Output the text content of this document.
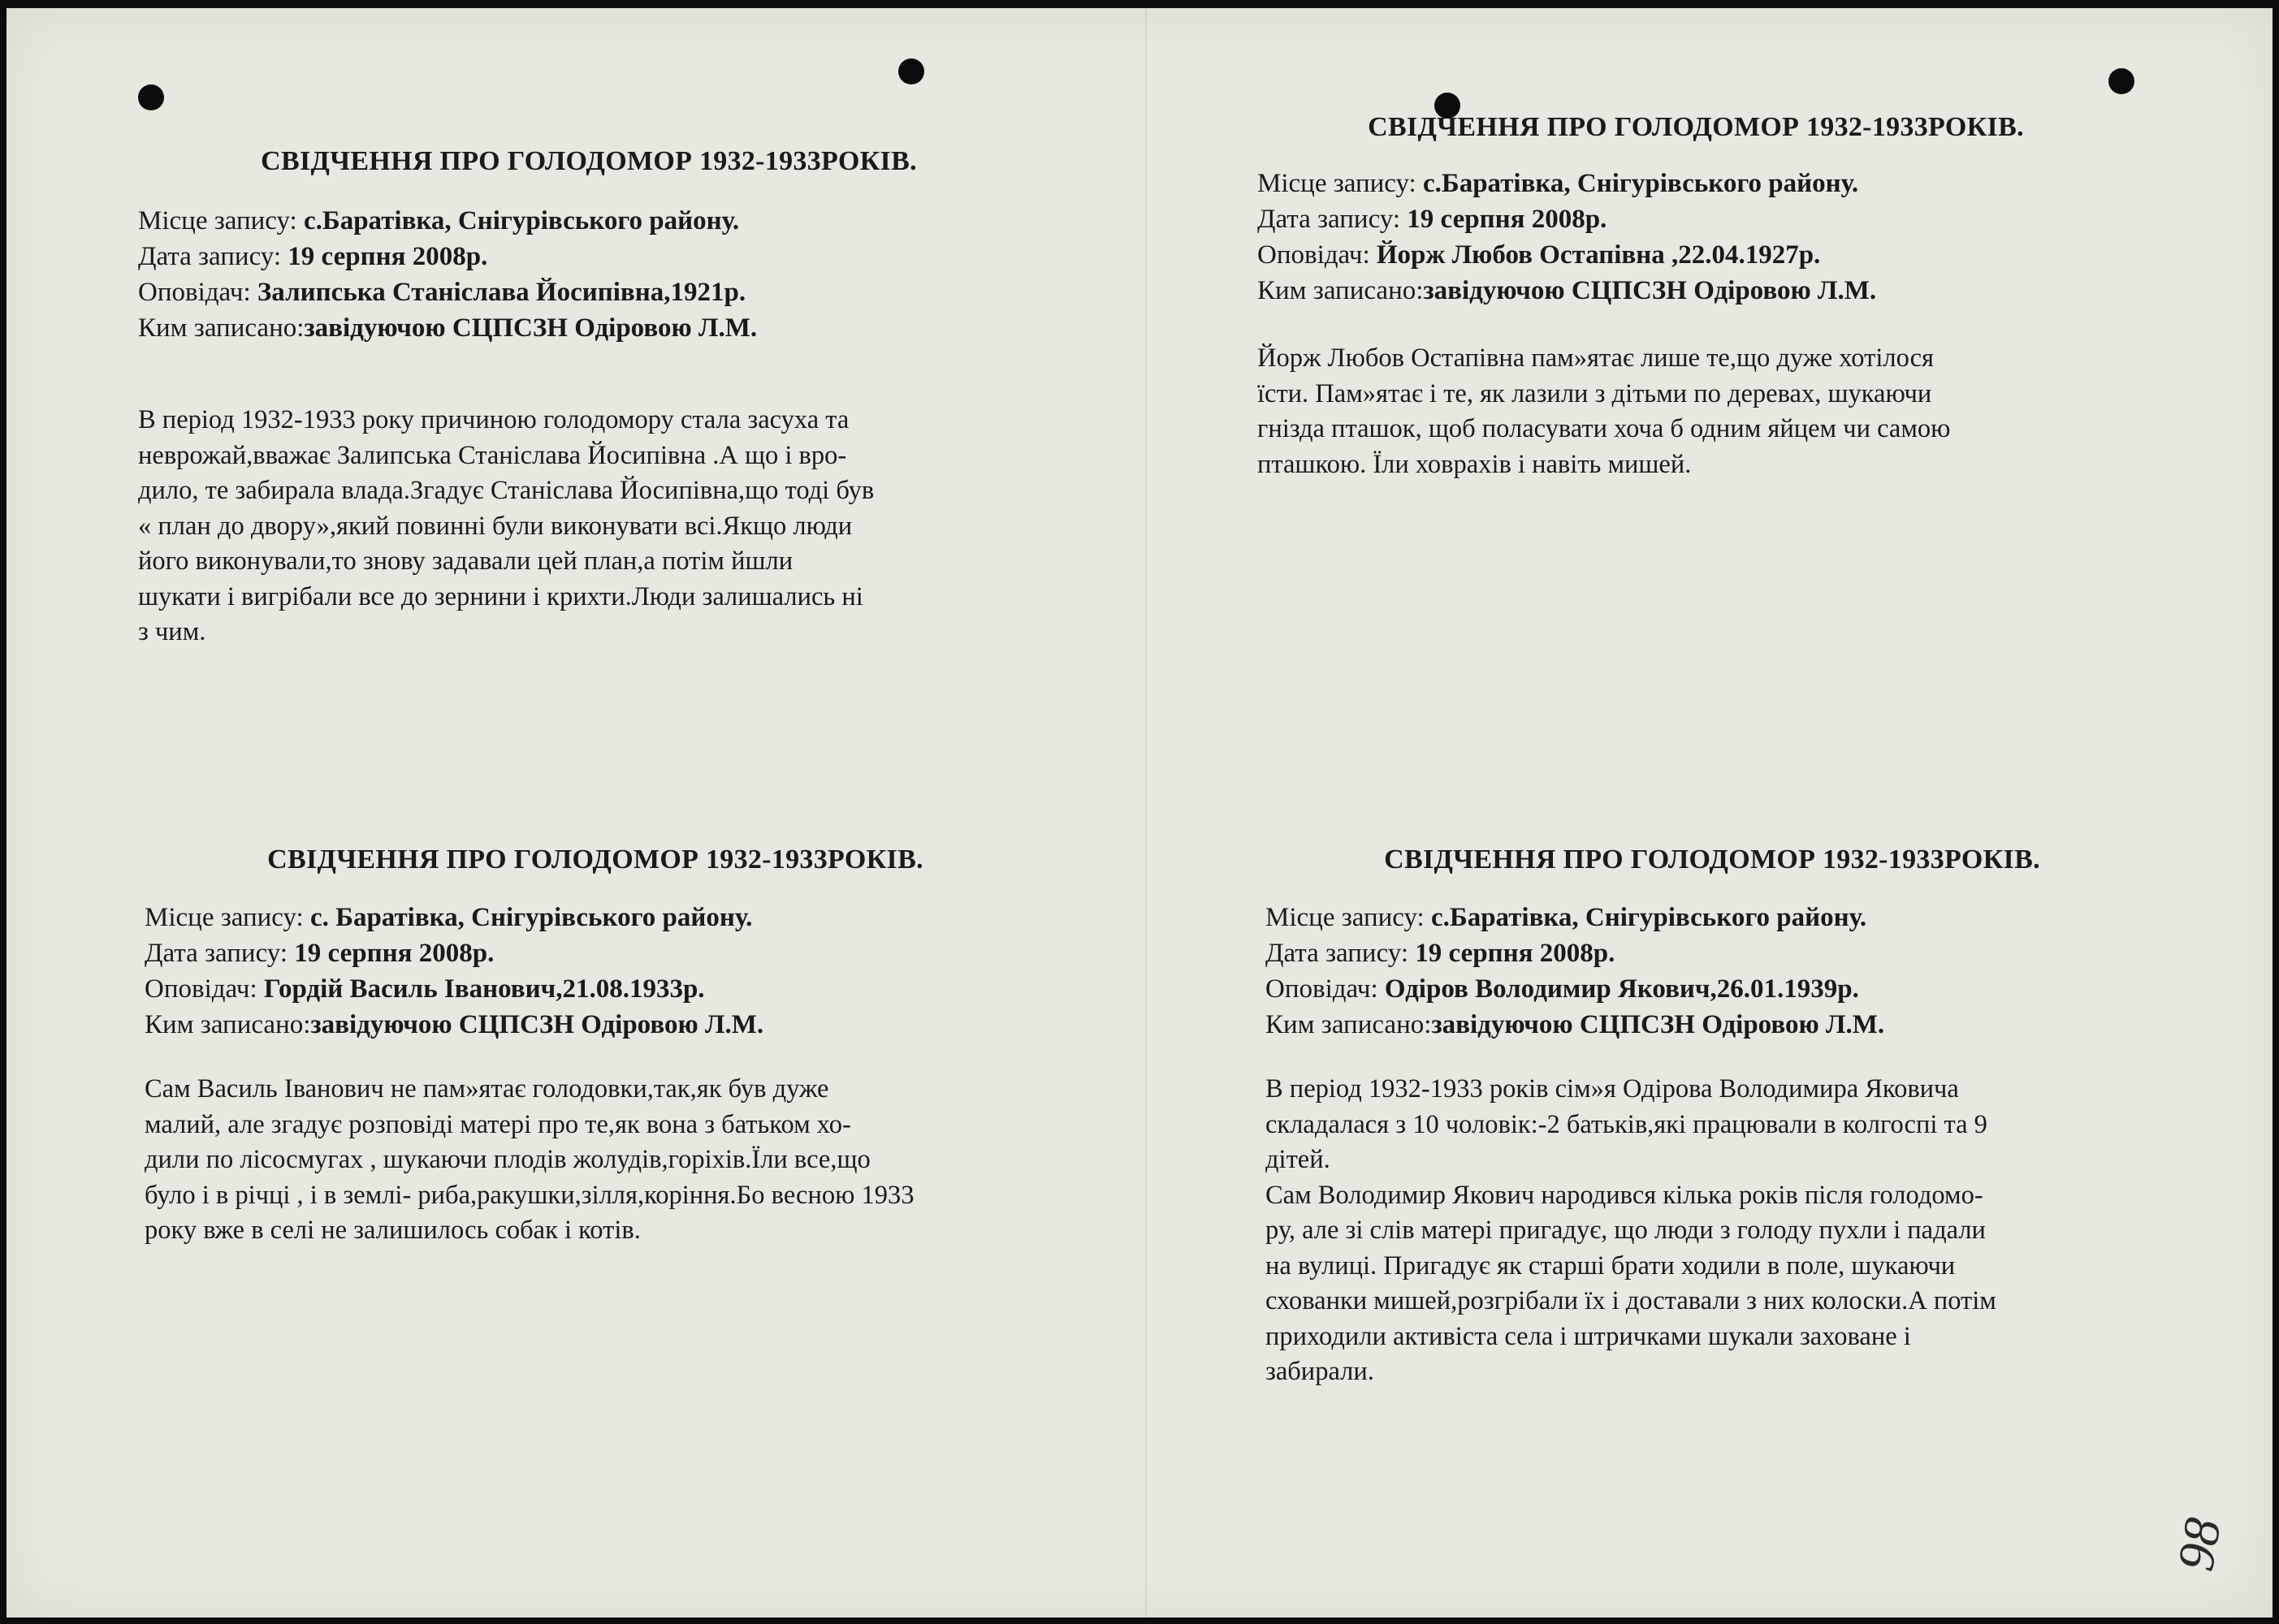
СВІДЧЕННЯ ПРО ГОЛОДОМОР 1932-1933РОКІВ.
Місце запису: с.Баратівка, Снігурівського району.
Дата запису: 19 серпня 2008р.
Оповідач: Залипська Станіслава Йосипівна,1921р.
Ким записано:завідуючою СЦПСЗН Одіровою Л.М.
В період 1932-1933 року причиною голодомору стала засуха та
неврожай,вважає Залипська Станіслава Йосипівна .А що і вро-
дило, те забирала влада.Згадує Станіслава Йосипівна,що тоді був
« план до двору»,який повинні були виконувати всі.Якщо люди
його виконували,то знову задавали цей план,а потім йшли
шукати і вигрібали все до зернини і крихти.Люди залишались ні
з чим.
СВІДЧЕННЯ ПРО ГОЛОДОМОР 1932-1933РОКІВ.
Місце запису: с.Баратівка, Снігурівського району.
Дата запису: 19 серпня 2008р.
Оповідач: Йорж Любов Остапівна ,22.04.1927р.
Ким записано:завідуючою СЦПСЗН Одіровою Л.М.
Йорж Любов Остапівна пам»ятає лише те,що дуже хотілося
їсти. Пам»ятає і те, як лазили з дітьми по деревах, шукаючи
гнізда пташок, щоб поласувати хоча б одним яйцем чи самою
пташкою. Їли ховрахів і навіть мишей.
СВІДЧЕННЯ ПРО ГОЛОДОМОР 1932-1933РОКІВ.
Місце запису: с. Баратівка, Снігурівського району.
Дата запису: 19 серпня 2008р.
Оповідач: Гордій Василь Іванович,21.08.1933р.
Ким записано:завідуючою СЦПСЗН Одіровою Л.М.
Сам Василь Іванович не пам»ятає голодовки,так,як був дуже
малий, але згадує розповіді матері про те,як вона з батьком хо-
дили по лісосмугах , шукаючи плодів жолудів,горіхів.Їли все,що
було і в річці , і в землі- риба,ракушки,зілля,коріння.Бо весною 1933
року вже в селі не залишилось собак і котів.
СВІДЧЕННЯ ПРО ГОЛОДОМОР 1932-1933РОКІВ.
Місце запису: с.Баратівка, Снігурівського району.
Дата запису: 19 серпня 2008р.
Оповідач: Одіров Володимир Якович,26.01.1939р.
Ким записано:завідуючою СЦПСЗН Одіровою Л.М.
В період 1932-1933 років сім»я Одірова Володимира Яковича
складалася з 10 чоловік:-2 батьків,які працювали в колгоспі та 9
дітей.
Сам Володимир Якович народився кілька років після голодомо-
ру, але зі слів матері пригадує, що люди з голоду пухли і падали
на вулиці. Пригадує як старші брати ходили в поле, шукаючи
схованки мишей,розгрібали їх і доставали з них колоски.А потім
приходили активіста села і штричками шукали заховане і
забирали.
98
